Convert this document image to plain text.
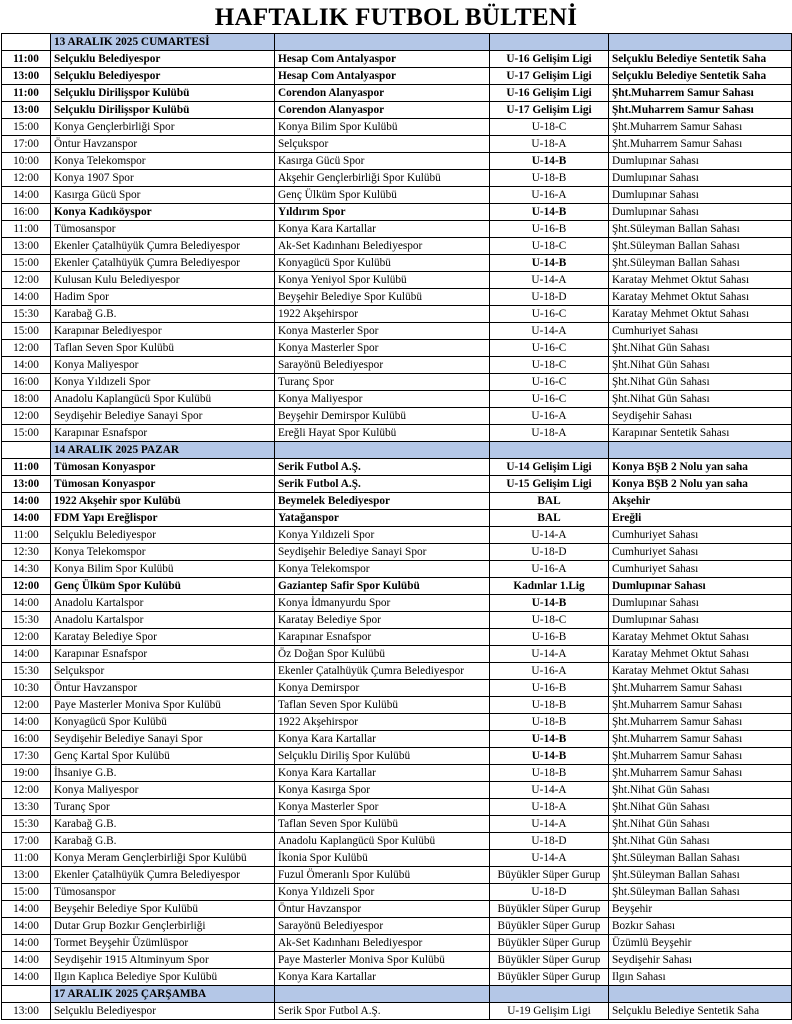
HAFTALIK FUTBOL BÜLTENİ
	13 ARALIK 2025 CUMARTESİ			
11:00	Selçuklu Belediyespor	Hesap Com Antalyaspor	U-16 Gelişim Ligi	Selçuklu Belediye Sentetik Saha
13:00	Selçuklu Belediyespor	Hesap Com Antalyaspor	U-17 Gelişim Ligi	Selçuklu Belediye Sentetik Saha
11:00	Selçuklu Dirilişspor Kulübü	Corendon Alanyaspor	U-16 Gelişim Ligi	Şht.Muharrem Samur Sahası
13:00	Selçuklu Dirilişspor Kulübü	Corendon Alanyaspor	U-17 Gelişim Ligi	Şht.Muharrem Samur Sahası
15:00	Konya Gençlerbirliği Spor	Konya Bilim Spor Kulübü	U-18-C	Şht.Muharrem Samur Sahası
17:00	Öntur Havzanspor	Selçukspor	U-18-A	Şht.Muharrem Samur Sahası
10:00	Konya Telekomspor	Kasırga Gücü Spor	U-14-B	Dumlupınar Sahası
12:00	Konya 1907 Spor	Akşehir Gençlerbirliği Spor Kulübü	U-18-B	Dumlupınar Sahası
14:00	Kasırga Gücü Spor	Genç Ülküm Spor Kulübü	U-16-A	Dumlupınar Sahası
16:00	Konya Kadıköyspor	Yıldırım Spor	U-14-B	Dumlupınar Sahası
11:00	Tümosanspor	Konya Kara Kartallar	U-16-B	Şht.Süleyman Ballan Sahası
13:00	Ekenler Çatalhüyük Çumra Belediyespor	Ak-Set Kadınhanı Belediyespor	U-18-C	Şht.Süleyman Ballan Sahası
15:00	Ekenler Çatalhüyük Çumra Belediyespor	Konyagücü Spor Kulübü	U-14-B	Şht.Süleyman Ballan Sahası
12:00	Kulusan Kulu Belediyespor	Konya Yeniyol Spor Kulübü	U-14-A	Karatay Mehmet Oktut Sahası
14:00	Hadim Spor	Beyşehir Belediye Spor Kulübü	U-18-D	Karatay Mehmet Oktut Sahası
15:30	Karabağ G.B.	1922 Akşehirspor	U-16-C	Karatay Mehmet Oktut Sahası
15:00	Karapınar Belediyespor	Konya Masterler Spor	U-14-A	Cumhuriyet Sahası
12:00	Taflan Seven Spor Kulübü	Konya Masterler Spor	U-16-C	Şht.Nihat Gün Sahası
14:00	Konya Maliyespor	Sarayönü Belediyespor	U-18-C	Şht.Nihat Gün Sahası
16:00	Konya Yıldızeli Spor	Turanç Spor	U-16-C	Şht.Nihat Gün Sahası
18:00	Anadolu Kaplangücü Spor Kulübü	Konya Maliyespor	U-16-C	Şht.Nihat Gün Sahası
12:00	Seydişehir Belediye Sanayi Spor	Beyşehir Demirspor Kulübü	U-16-A	Seydişehir Sahası
15:00	Karapınar Esnafspor	Ereğli Hayat Spor Kulübü	U-18-A	Karapınar Sentetik Sahası
	14 ARALIK 2025 PAZAR			
11:00	Tümosan Konyaspor	Serik Futbol A.Ş.	U-14 Gelişim Ligi	Konya BŞB 2 Nolu yan saha
13:00	Tümosan Konyaspor	Serik Futbol A.Ş.	U-15 Gelişim Ligi	Konya BŞB 2 Nolu yan saha
14:00	1922 Akşehir spor Kulübü	Beymelek Belediyespor	BAL	Akşehir
14:00	FDM Yapı Ereğlispor	Yatağanspor	BAL	Ereğli
11:00	Selçuklu Belediyespor	Konya Yıldızeli Spor	U-14-A	Cumhuriyet Sahası
12:30	Konya Telekomspor	Seydişehir Belediye Sanayi Spor	U-18-D	Cumhuriyet Sahası
14:30	Konya Bilim Spor Kulübü	Konya Telekomspor	U-16-A	Cumhuriyet Sahası
12:00	Genç Ülküm Spor Kulübü	Gaziantep Safir Spor Kulübü	Kadınlar 1.Lig	Dumlupınar Sahası
14:00	Anadolu Kartalspor	Konya İdmanyurdu Spor	U-14-B	Dumlupınar Sahası
15:30	Anadolu Kartalspor	Karatay Belediye Spor	U-18-C	Dumlupınar Sahası
12:00	Karatay Belediye Spor	Karapınar Esnafspor	U-16-B	Karatay Mehmet Oktut Sahası
14:00	Karapınar Esnafspor	Öz Doğan Spor Kulübü	U-14-A	Karatay Mehmet Oktut Sahası
15:30	Selçukspor	Ekenler Çatalhüyük Çumra Belediyespor	U-16-A	Karatay Mehmet Oktut Sahası
10:30	Öntur Havzanspor	Konya Demirspor	U-16-B	Şht.Muharrem Samur Sahası
12:00	Paye Masterler Moniva Spor Kulübü	Taflan Seven Spor Kulübü	U-18-B	Şht.Muharrem Samur Sahası
14:00	Konyagücü Spor Kulübü	1922 Akşehirspor	U-18-B	Şht.Muharrem Samur Sahası
16:00	Seydişehir Belediye Sanayi Spor	Konya Kara Kartallar	U-14-B	Şht.Muharrem Samur Sahası
17:30	Genç Kartal Spor Kulübü	Selçuklu Diriliş Spor Kulübü	U-14-B	Şht.Muharrem Samur Sahası
19:00	İhsaniye G.B.	Konya Kara Kartallar	U-18-B	Şht.Muharrem Samur Sahası
12:00	Konya Maliyespor	Konya Kasırga Spor	U-14-A	Şht.Nihat Gün Sahası
13:30	Turanç Spor	Konya Masterler Spor	U-18-A	Şht.Nihat Gün Sahası
15:30	Karabağ G.B.	Taflan Seven Spor Kulübü	U-14-A	Şht.Nihat Gün Sahası
17:00	Karabağ G.B.	Anadolu Kaplangücü Spor Kulübü	U-18-D	Şht.Nihat Gün Sahası
11:00	Konya Meram Gençlerbirliği Spor Kulübü	İkonia Spor Kulübü	U-14-A	Şht.Süleyman Ballan Sahası
13:00	Ekenler Çatalhüyük Çumra Belediyespor	Fuzul Ömeranlı Spor Kulübü	Büyükler Süper Gurup	Şht.Süleyman Ballan Sahası
15:00	Tümosanspor	Konya Yıldızeli Spor	U-18-D	Şht.Süleyman Ballan Sahası
14:00	Beyşehir Belediye Spor Kulübü	Öntur Havzanspor	Büyükler Süper Gurup	Beyşehir
14:00	Dutar Grup Bozkır Gençlerbirliği	Sarayönü Belediyespor	Büyükler Süper Gurup	Bozkır Sahası
14:00	Tormet Beyşehir Üzümlüspor	Ak-Set Kadınhanı Belediyespor	Büyükler Süper Gurup	Üzümlü Beyşehir
14:00	Seydişehir 1915 Altıminyum Spor	Paye Masterler Moniva Spor Kulübü	Büyükler Süper Gurup	Seydişehir Sahası
14:00	Ilgın Kaplıca Belediye Spor Kulübü	Konya Kara Kartallar	Büyükler Süper Gurup	Ilgın Sahası
	17 ARALIK 2025 ÇARŞAMBA			
13:00	Selçuklu Belediyespor	Serik Spor Futbol A.Ş.	U-19 Gelişim Ligi	Selçuklu Belediye Sentetik Saha
